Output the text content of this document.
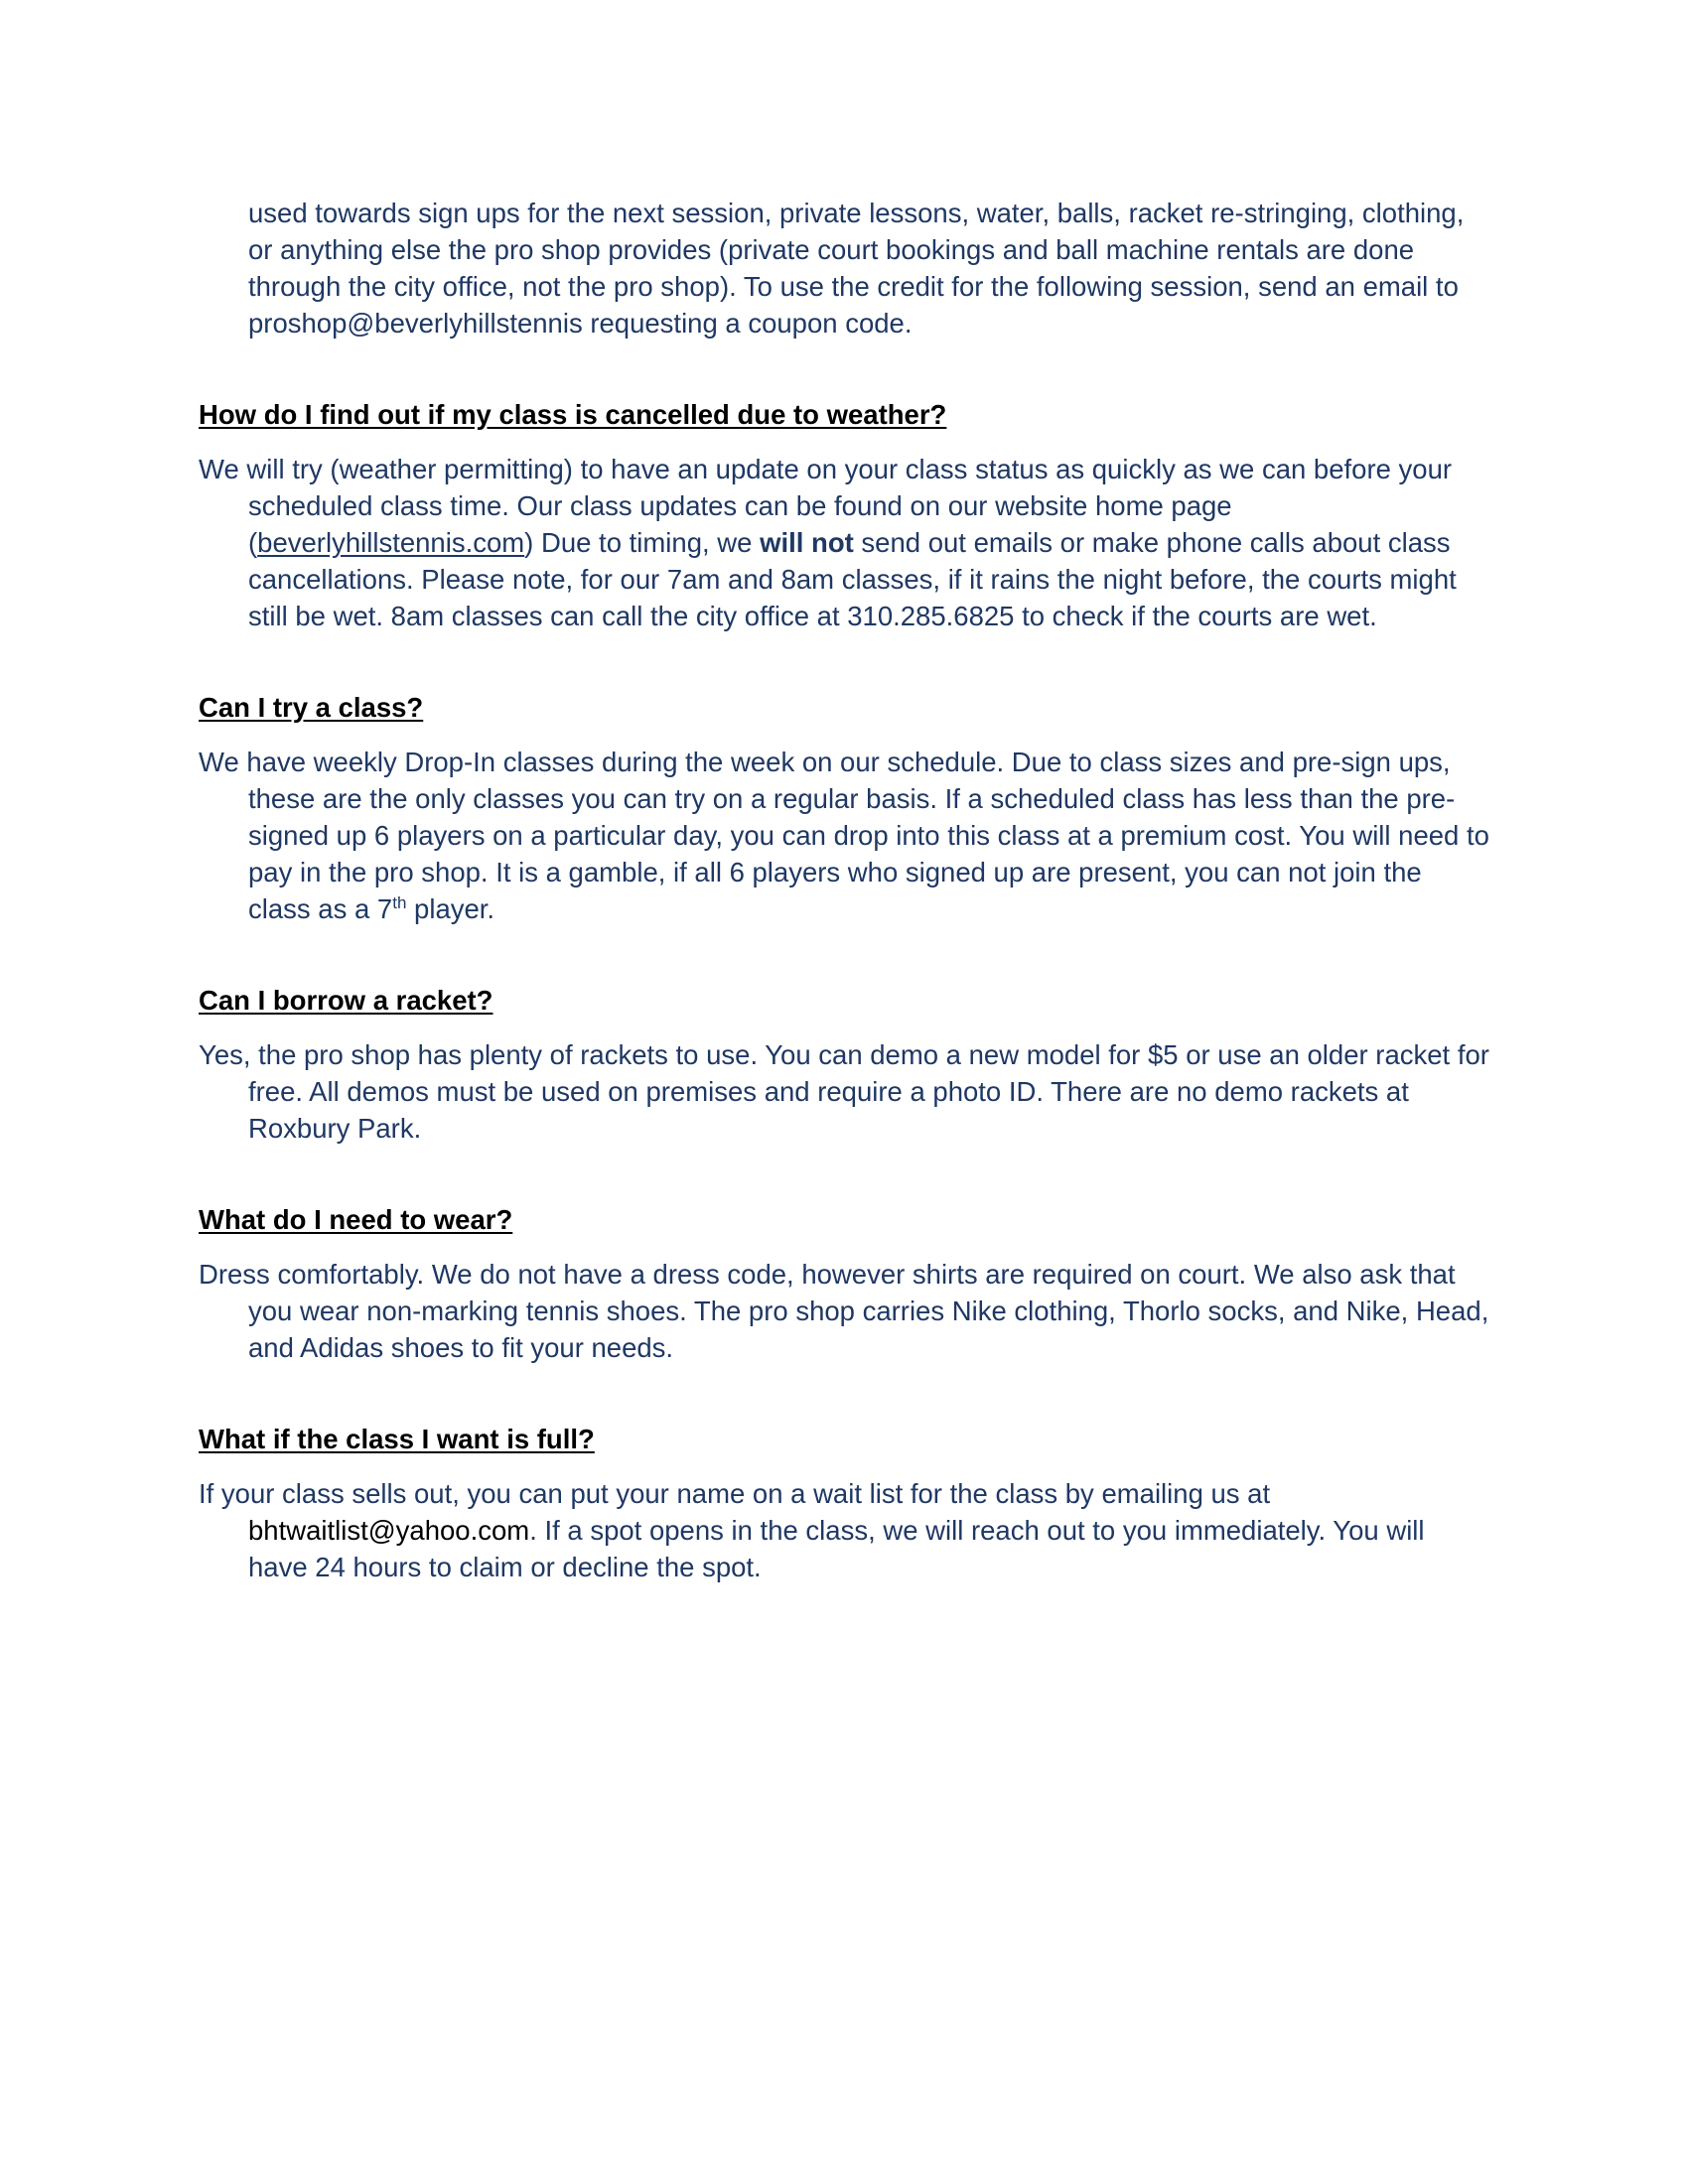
used towards sign ups for the next session, private lessons, water, balls, racket re-stringing, clothing, or anything else the pro shop provides (private court bookings and ball machine rentals are done through the city office, not the pro shop). To use the credit for the following session, send an email to proshop@beverlyhillstennis requesting a coupon code.

How do I find out if my class is cancelled due to weather?

We will try (weather permitting) to have an update on your class status as quickly as we can before your scheduled class time. Our class updates can be found on our website home page (beverlyhillstennis.com) Due to timing, we will not send out emails or make phone calls about class cancellations. Please note, for our 7am and 8am classes, if it rains the night before, the courts might still be wet. 8am classes can call the city office at 310.285.6825 to check if the courts are wet.

Can I try a class?

We have weekly Drop-In classes during the week on our schedule. Due to class sizes and pre-sign ups, these are the only classes you can try on a regular basis. If a scheduled class has less than the pre-signed up 6 players on a particular day, you can drop into this class at a premium cost. You will need to pay in the pro shop. It is a gamble, if all 6 players who signed up are present, you can not join the class as a 7th player.

Can I borrow a racket?

Yes, the pro shop has plenty of rackets to use. You can demo a new model for $5 or use an older racket for free. All demos must be used on premises and require a photo ID. There are no demo rackets at Roxbury Park.

What do I need to wear?

Dress comfortably. We do not have a dress code, however shirts are required on court. We also ask that you wear non-marking tennis shoes. The pro shop carries Nike clothing, Thorlo socks, and Nike, Head, and Adidas shoes to fit your needs.

What if the class I want is full?

If your class sells out, you can put your name on a wait list for the class by emailing us at bhtwaitlist@yahoo.com. If a spot opens in the class, we will reach out to you immediately. You will have 24 hours to claim or decline the spot.
